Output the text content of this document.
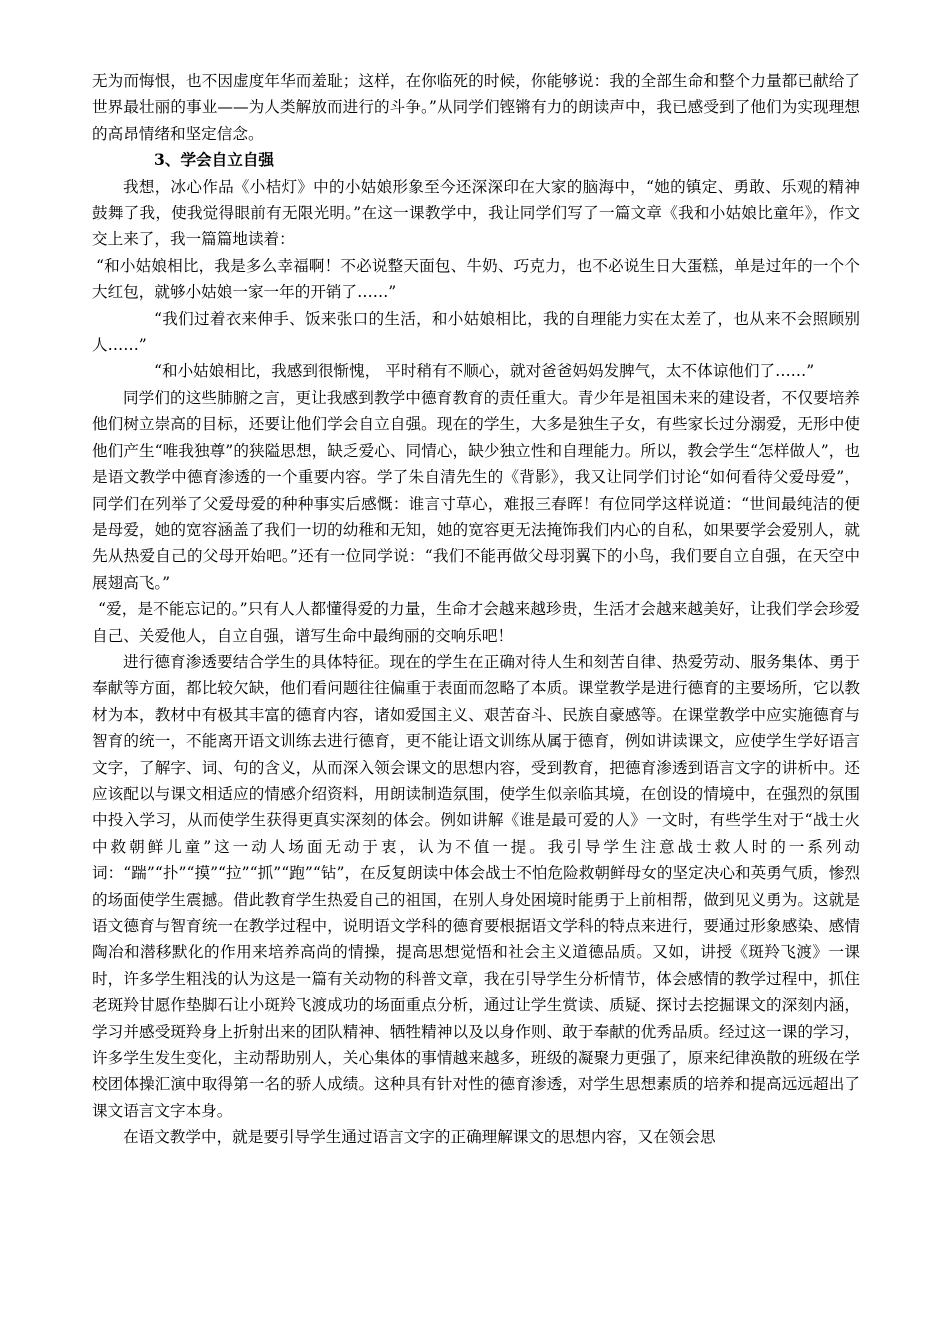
无为而悔恨，也不因虚度年华而羞耻；这样，在你临死的时候，你能够说：我的全部生命和整个力量都已献给了世界最壮丽的事业——为人类解放而进行的斗争。”从同学们铿锵有力的朗读声中，我已感受到了他们为实现理想的高昂情绪和坚定信念。

3、学会自立自强

我想，冰心作品《小桔灯》中的小姑娘形象至今还深深印在大家的脑海中，“她的镇定、勇敢、乐观的精神鼓舞了我，使我觉得眼前有无限光明。”在这一课教学中，我让同学们写了一篇文章《我和小姑娘比童年》，作文交上来了，我一篇篇地读着：

“和小姑娘相比，我是多么幸福啊！不必说整天面包、牛奶、巧克力，也不必说生日大蛋糕，单是过年的一个个大红包，就够小姑娘一家一年的开销了……”

“我们过着衣来伸手、饭来张口的生活，和小姑娘相比，我的自理能力实在太差了，也从来不会照顾别人……”

“和小姑娘相比，我感到很惭愧， 平时稍有不顺心，就对爸爸妈妈发脾气，太不体谅他们了……”

同学们的这些肺腑之言，更让我感到教学中德育教育的责任重大。青少年是祖国未来的建设者，不仅要培养他们树立崇高的目标，还要让他们学会自立自强。现在的学生，大多是独生子女，有些家长过分溺爱，无形中使他们产生“唯我独尊”的狭隘思想，缺乏爱心、同情心，缺少独立性和自理能力。所以，教会学生“怎样做人”，也是语文教学中德育渗透的一个重要内容。学了朱自清先生的《背影》，我又让同学们讨论“如何看待父爱母爱”，同学们在列举了父爱母爱的种种事实后感慨：谁言寸草心，难报三春晖！有位同学这样说道：“世间最纯洁的便是母爱，她的宽容涵盖了我们一切的幼稚和无知，她的宽容更无法掩饰我们内心的自私，如果要学会爱别人，就先从热爱自己的父母开始吧。”还有一位同学说：“我们不能再做父母羽翼下的小鸟，我们要自立自强，在天空中展翅高飞。”

“爱，是不能忘记的。”只有人人都懂得爱的力量，生命才会越来越珍贵，生活才会越来越美好，让我们学会珍爱自己、关爱他人，自立自强，谱写生命中最绚丽的交响乐吧！

进行德育渗透要结合学生的具体特征。现在的学生在正确对待人生和刻苦自律、热爱劳动、服务集体、勇于奉献等方面，都比较欠缺，他们看问题往往偏重于表面而忽略了本质。课堂教学是进行德育的主要场所，它以教材为本，教材中有极其丰富的德育内容，诸如爱国主义、艰苦奋斗、民族自豪感等。在课堂教学中应实施德育与智育的统一，不能离开语文训练去进行德育，更不能让语文训练从属于德育，例如讲读课文，应使学生学好语言文字，了解字、词、句的含义，从而深入领会课文的思想内容，受到教育，把德育渗透到语言文字的讲析中。还应该配以与课文相适应的情感介绍资料，用朗读制造氛围，使学生似亲临其境，在创设的情境中，在强烈的氛围中投入学习，从而使学生获得更真实深刻的体会。例如讲解《谁是最可爱的人》一文时，有些学生对于“战士火中救朝鲜儿童”这一动人场面无动于衷，认为不值一提。我引导学生注意战士救人时的一系列动词：“踹”“扑”“摸”“拉”“抓”“跑”“钻”，在反复朗读中体会战士不怕危险救朝鲜母女的坚定决心和英勇气质，惨烈的场面使学生震撼。借此教育学生热爱自己的祖国，在别人身处困境时能勇于上前相帮，做到见义勇为。这就是语文德育与智育统一在教学过程中，说明语文学科的德育要根据语文学科的特点来进行，要通过形象感染、感情陶冶和潜移默化的作用来培养高尚的情操，提高思想觉悟和社会主义道德品质。又如，讲授《斑羚飞渡》一课时，许多学生粗浅的认为这是一篇有关动物的科普文章，我在引导学生分析情节，体会感情的教学过程中，抓住老斑羚甘愿作垫脚石让小斑羚飞渡成功的场面重点分析，通过让学生赏读、质疑、探讨去挖掘课文的深刻内涵，学习并感受斑羚身上折射出来的团队精神、牺牲精神以及以身作则、敢于奉献的优秀品质。经过这一课的学习，许多学生发生变化，主动帮助别人，关心集体的事情越来越多，班级的凝聚力更强了，原来纪律涣散的班级在学校团体操汇演中取得第一名的骄人成绩。这种具有针对性的德育渗透，对学生思想素质的培养和提高远远超出了课文语言文字本身。

在语文教学中，就是要引导学生通过语言文字的正确理解课文的思想内容，又在领会思
